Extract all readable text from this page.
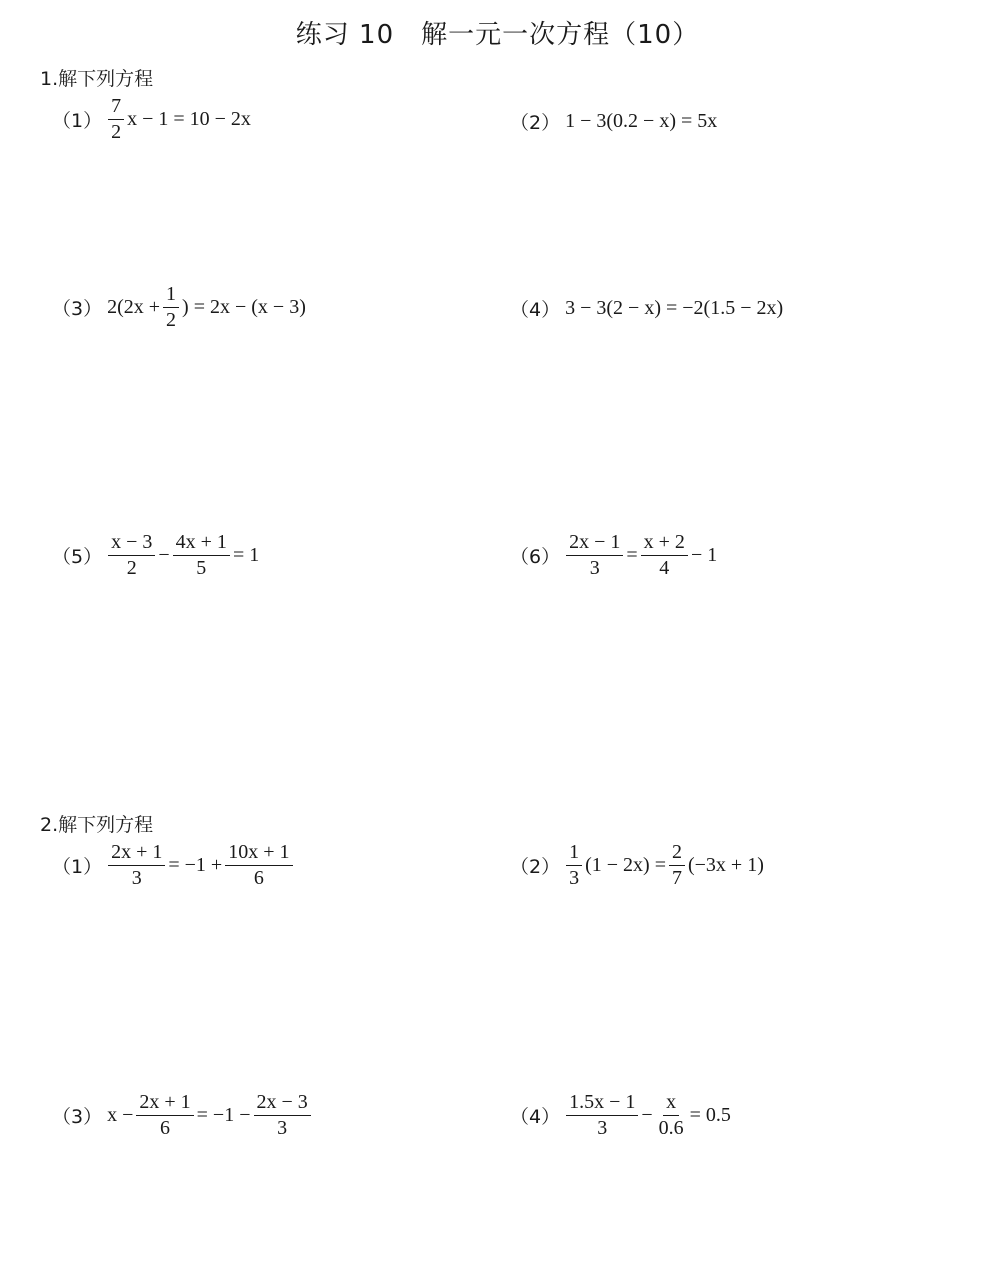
练习 10　解一元一次方程（10）
1.解下列方程
$(1) \frac{7}{2}$ x − 1 = 10 − 2x	（2） 1 − 3(0.2 − x) = 5x
（3） $2(2x + \frac{1}{2}$ ) = 2x − (x − 3)	（4） 3 − 3(2 − x) = −2(1.5 − 2x)
$(5) \frac{x - 3}{2} - \frac{4x + 1}{5} = 1$	$(6) \frac{2x - 1}{3} = \frac{x + 2}{4} - 1$
2.解下列方程
$(1) \frac{2x + 1}{3} = -1 + \frac{10x + 1}{6}$	$(2) \frac{1}{3} (1 - 2x) = \frac{2}{7} (-3x + 1)$
（3） $x - \frac{2x + 1}{6} = -1 - \frac{2x - 3}{3}$	$(4) \frac{1.5x - 1}{3} - \frac{x}{0.6} = 0.5$
